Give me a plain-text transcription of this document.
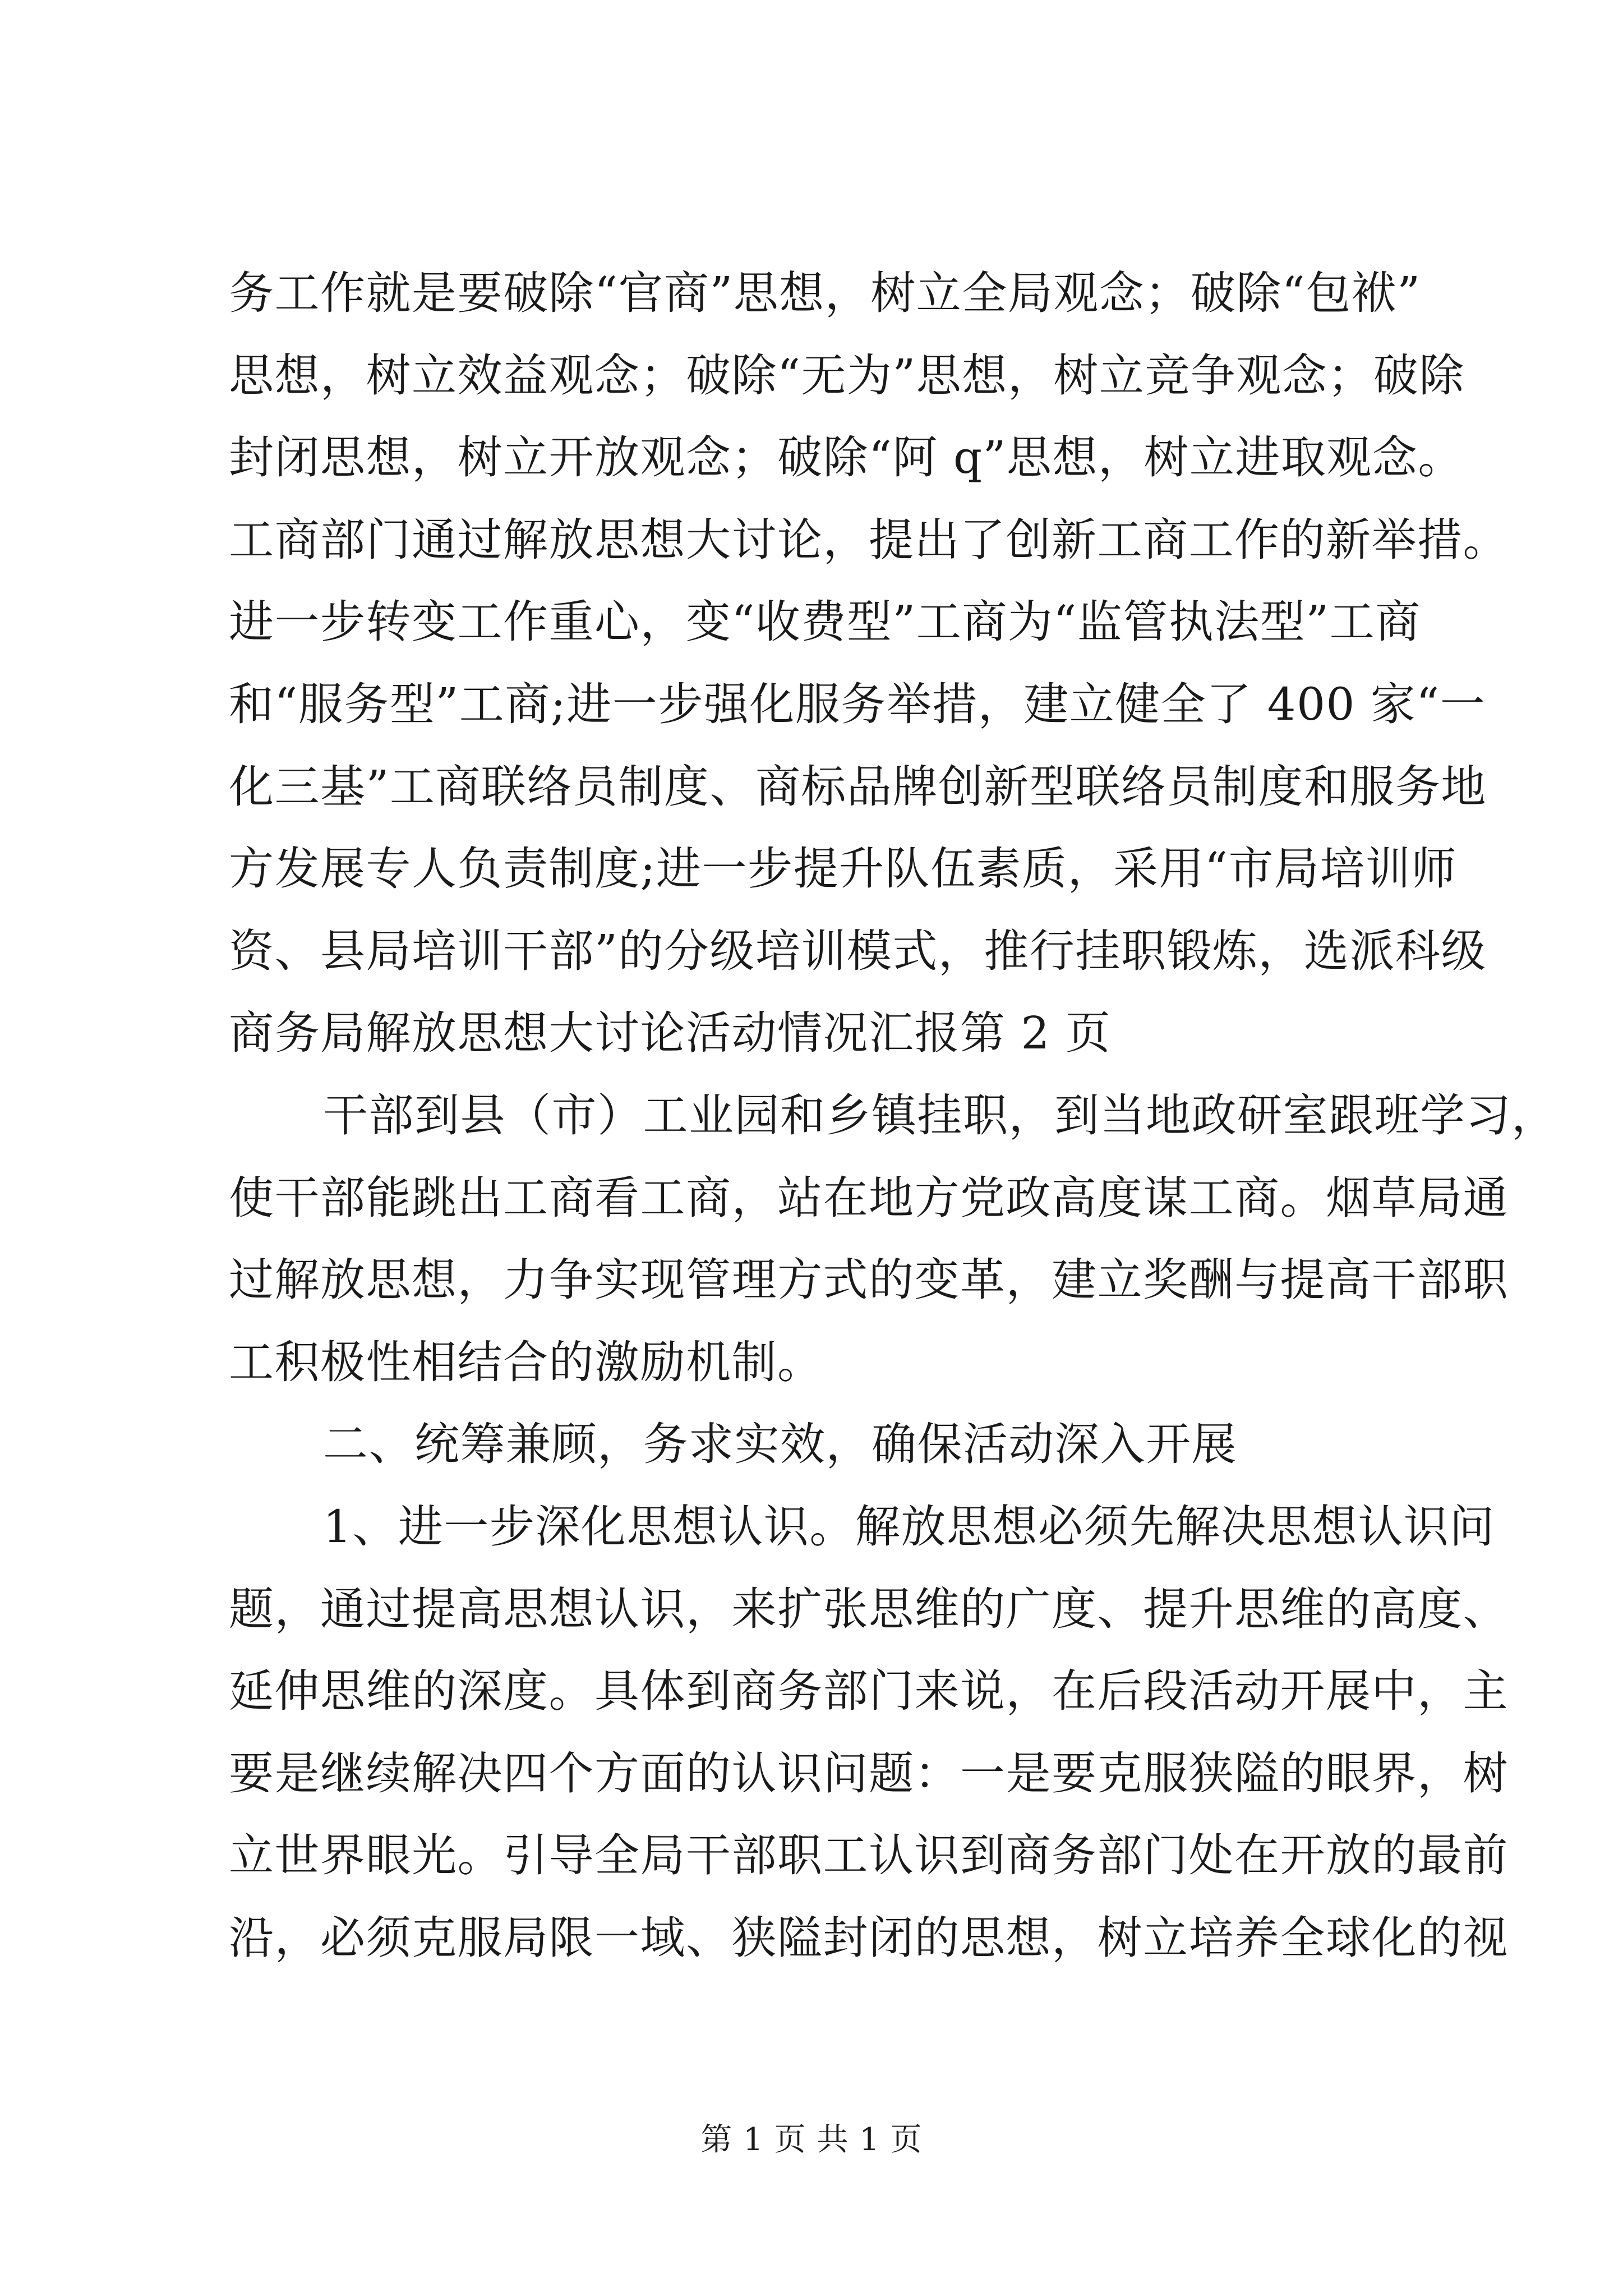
务工作就是要破除“官商”思想，树立全局观念；破除“包袱”
思想，树立效益观念；破除“无为”思想，树立竞争观念；破除
封闭思想，树立开放观念；破除“阿 q”思想，树立进取观念。
工商部门通过解放思想大讨论，提出了创新工商工作的新举措。
进一步转变工作重心，变“收费型”工商为“监管执法型”工商
和“服务型”工商;进一步强化服务举措，建立健全了 400 家“一
化三基”工商联络员制度、商标品牌创新型联络员制度和服务地
方发展专人负责制度;进一步提升队伍素质，采用“市局培训师
资、县局培训干部”的分级培训模式，推行挂职锻炼，选派科级
商务局解放思想大讨论活动情况汇报第 2 页
干部到县（市）工业园和乡镇挂职，到当地政研室跟班学习，
使干部能跳出工商看工商，站在地方党政高度谋工商。烟草局通
过解放思想，力争实现管理方式的变革，建立奖酬与提高干部职
工积极性相结合的激励机制。
二、统筹兼顾，务求实效，确保活动深入开展
1、进一步深化思想认识。解放思想必须先解决思想认识问
题，通过提高思想认识，来扩张思维的广度、提升思维的高度、
延伸思维的深度。具体到商务部门来说，在后段活动开展中，主
要是继续解决四个方面的认识问题：一是要克服狭隘的眼界，树
立世界眼光。引导全局干部职工认识到商务部门处在开放的最前
沿，必须克服局限一域、狭隘封闭的思想，树立培养全球化的视
第 1 页 共 1 页
